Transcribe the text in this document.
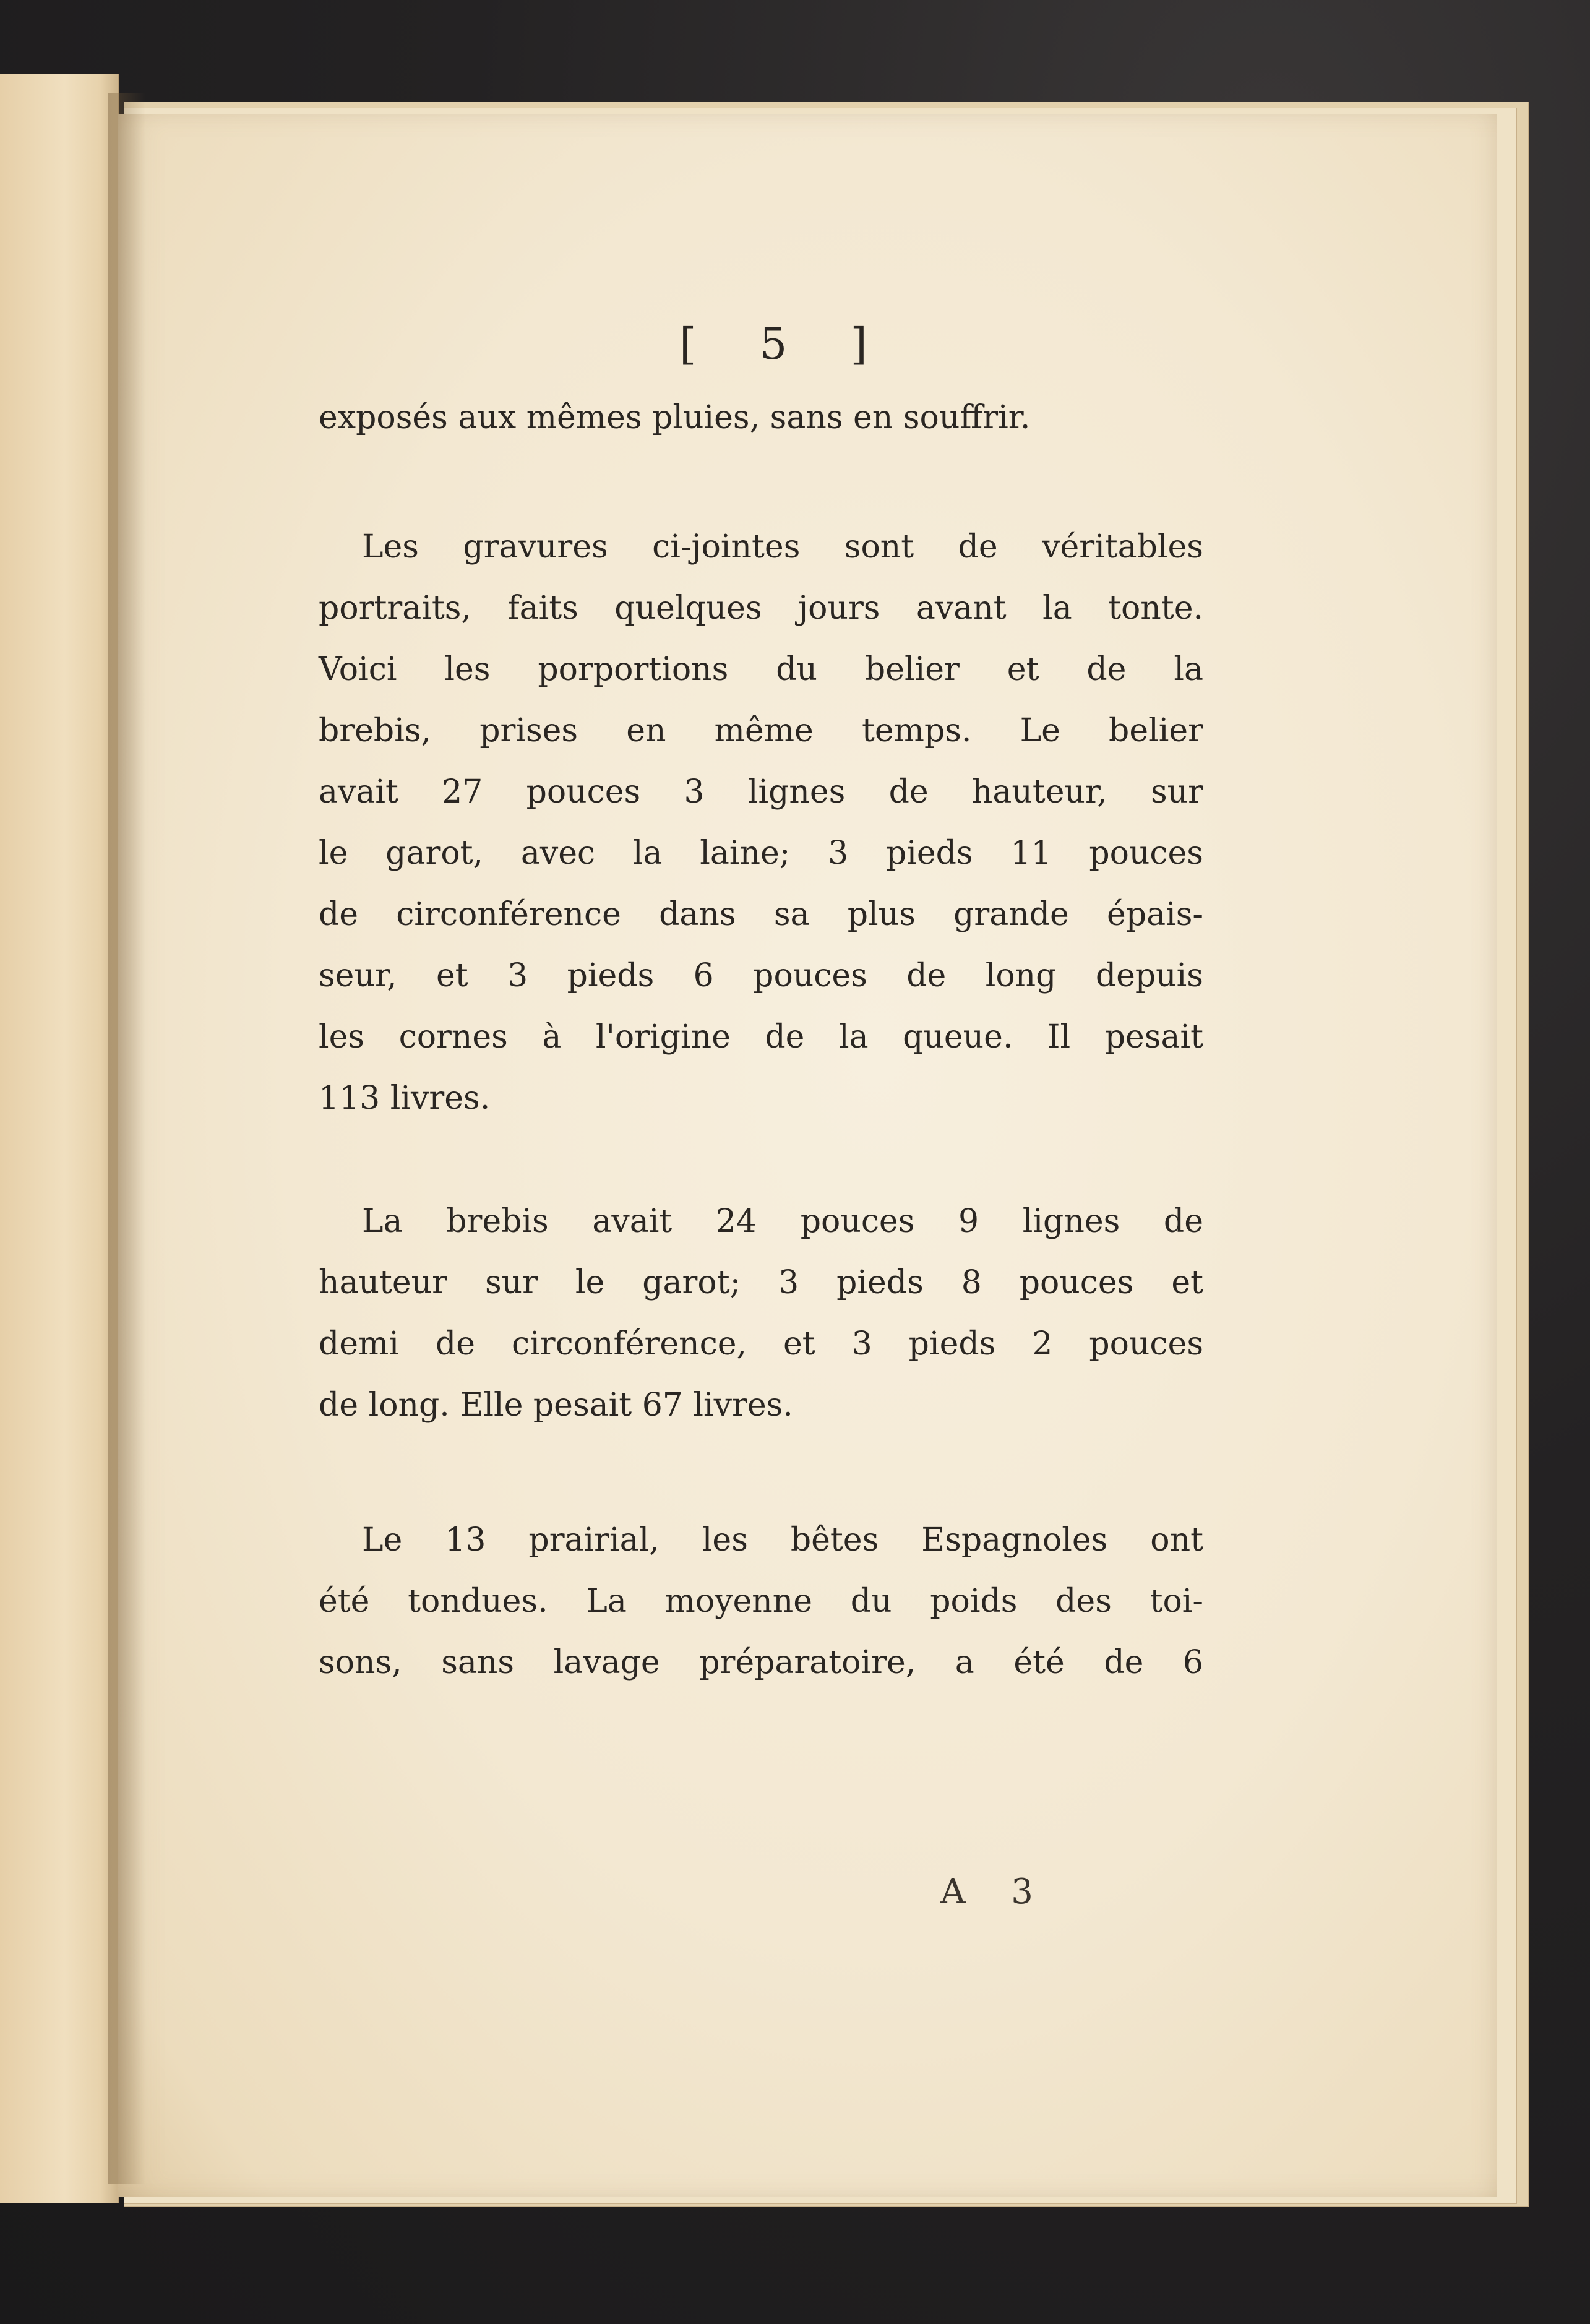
[ 5 ]
exposés aux mêmes pluies, sans en souffrir.
Les gravures ci-jointes sont de véritables
portraits, faits quelques jours avant la tonte.
Voici les porportions du belier et de la
brebis, prises en même temps. Le belier
avait 27 pouces 3 lignes de hauteur, sur
le garot, avec la laine; 3 pieds 11 pouces
de circonférence dans sa plus grande épais-
seur, et 3 pieds 6 pouces de long depuis
les cornes à l'origine de la queue. Il pesait
113 livres.
La brebis avait 24 pouces 9 lignes de
hauteur sur le garot; 3 pieds 8 pouces et
demi de circonférence, et 3 pieds 2 pouces
de long. Elle pesait 67 livres.
Le 13 prairial, les bêtes Espagnoles ont
été tondues. La moyenne du poids des toi-
sons, sans lavage préparatoire, a été de 6
A 3
